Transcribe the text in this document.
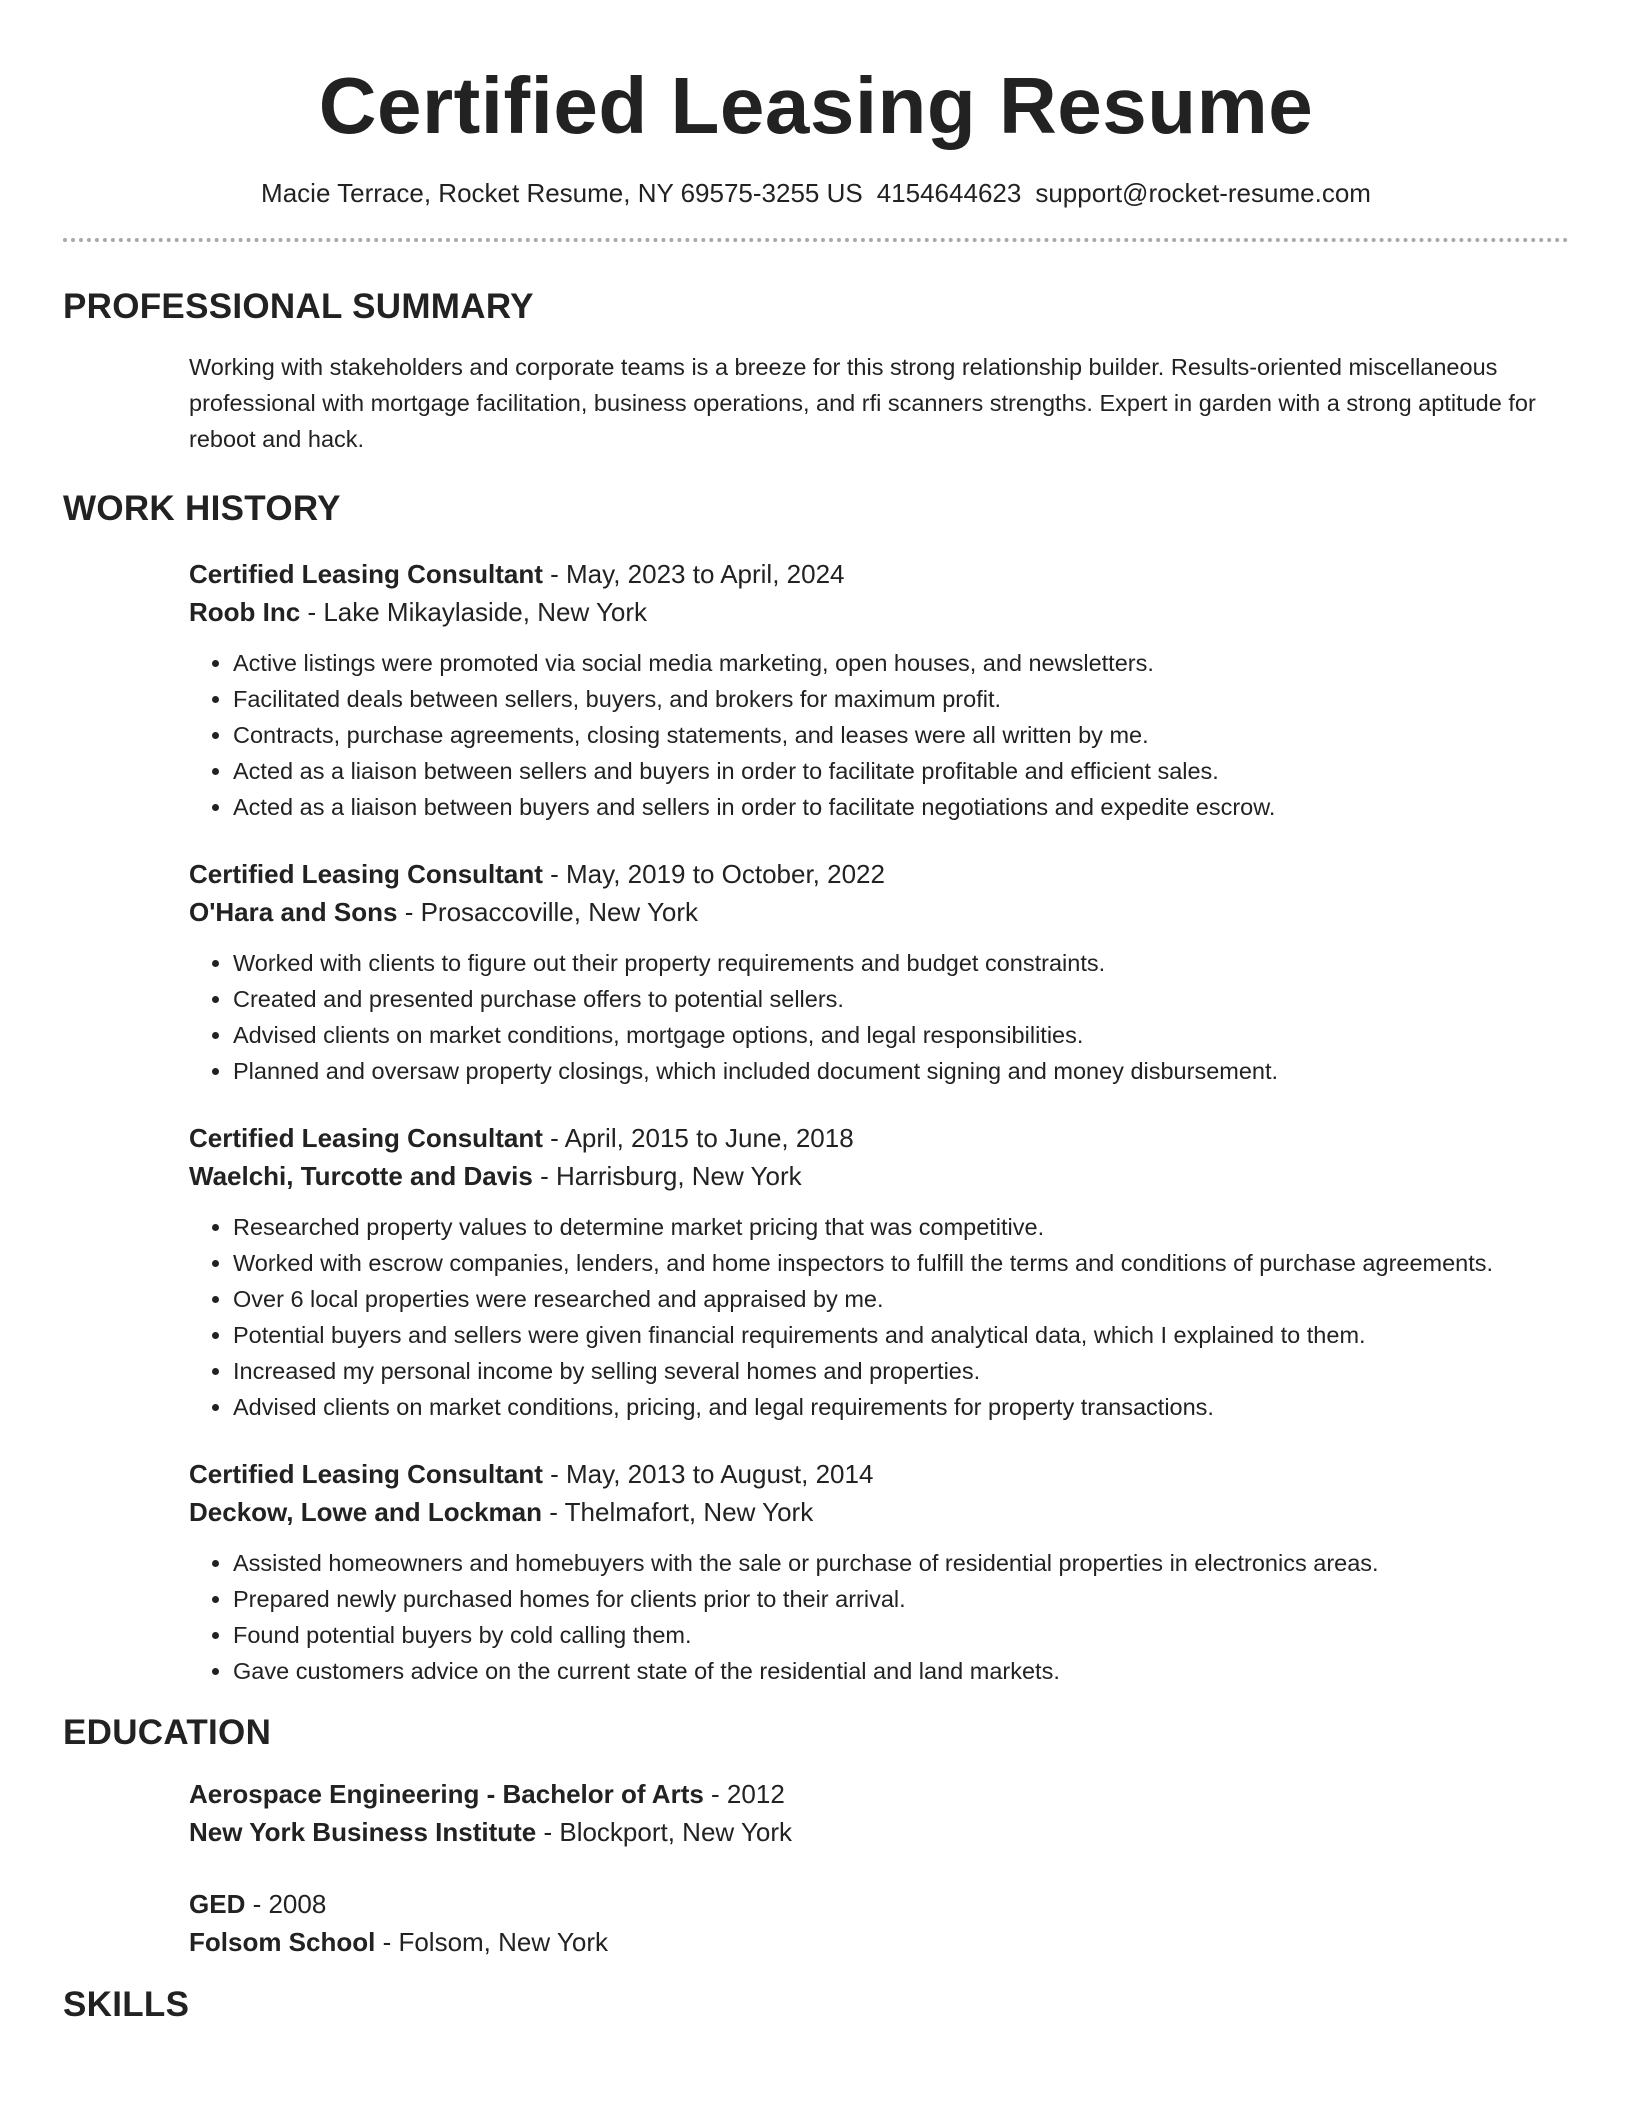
Certified Leasing Resume
Macie Terrace, Rocket Resume, NY 69575-3255 US 4154644623 support@rocket-resume.com
PROFESSIONAL SUMMARY

Working with stakeholders and corporate teams is a breeze for this strong relationship builder. Results-oriented miscellaneous professional with mortgage facilitation, business operations, and rfi scanners strengths. Expert in garden with a strong aptitude for reboot and hack.

WORK HISTORY
Certified Leasing Consultant - May, 2023 to April, 2024
Roob Inc - Lake Mikaylaside, New York
• Active listings were promoted via social media marketing, open houses, and newsletters.
• Facilitated deals between sellers, buyers, and brokers for maximum profit.
• Contracts, purchase agreements, closing statements, and leases were all written by me.
• Acted as a liaison between sellers and buyers in order to facilitate profitable and efficient sales.
• Acted as a liaison between buyers and sellers in order to facilitate negotiations and expedite escrow.
Certified Leasing Consultant - May, 2019 to October, 2022
O'Hara and Sons - Prosaccoville, New York
• Worked with clients to figure out their property requirements and budget constraints.
• Created and presented purchase offers to potential sellers.
• Advised clients on market conditions, mortgage options, and legal responsibilities.
• Planned and oversaw property closings, which included document signing and money disbursement.
Certified Leasing Consultant - April, 2015 to June, 2018
Waelchi, Turcotte and Davis - Harrisburg, New York
• Researched property values to determine market pricing that was competitive.
• Worked with escrow companies, lenders, and home inspectors to fulfill the terms and conditions of purchase agreements.
• Over 6 local properties were researched and appraised by me.
• Potential buyers and sellers were given financial requirements and analytical data, which I explained to them.
• Increased my personal income by selling several homes and properties.
• Advised clients on market conditions, pricing, and legal requirements for property transactions.
Certified Leasing Consultant - May, 2013 to August, 2014
Deckow, Lowe and Lockman - Thelmafort, New York
• Assisted homeowners and homebuyers with the sale or purchase of residential properties in electronics areas.
• Prepared newly purchased homes for clients prior to their arrival.
• Found potential buyers by cold calling them.
• Gave customers advice on the current state of the residential and land markets.
EDUCATION
Aerospace Engineering - Bachelor of Arts - 2012
New York Business Institute - Blockport, New York
GED - 2008
Folsom School - Folsom, New York
SKILLS
